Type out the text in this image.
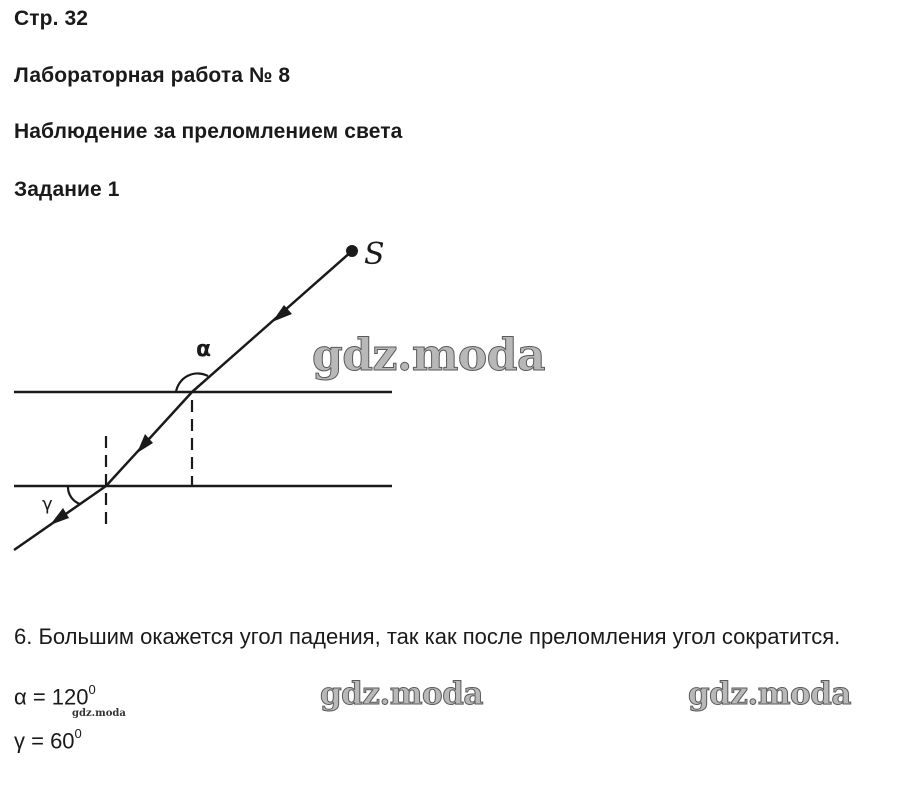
Стр. 32
Лабораторная работа № 8
Наблюдение за преломлением света
Задание 1
S
α
γ
gdz.moda
6. Большим окажется угол падения, так как после преломления угол сократится.
$\alpha = 120^0$
gdz.moda
$\gamma = 60^0$
gdz.moda	gdz.moda
